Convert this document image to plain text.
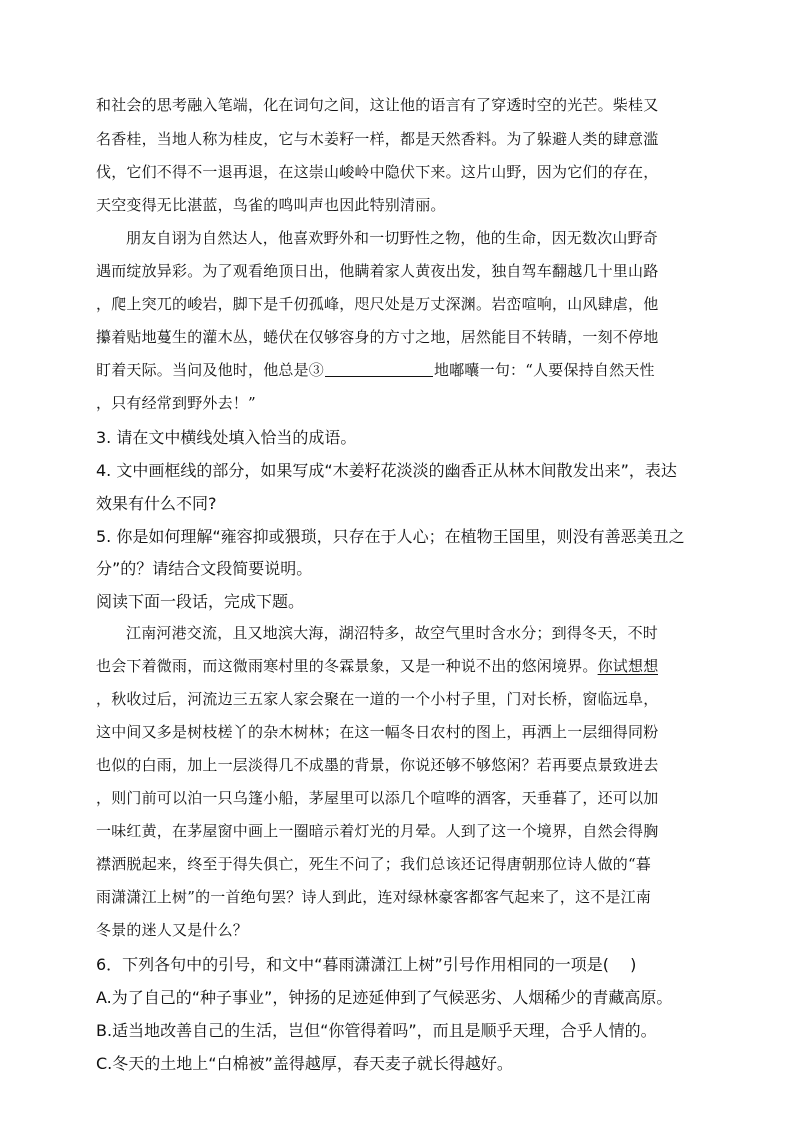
和社会的思考融入笔端，化在词句之间，这让他的语言有了穿透时空的光芒。柴桂又
名香桂，当地人称为桂皮，它与木姜籽一样，都是天然香料。为了躲避人类的肆意滥
伐，它们不得不一退再退，在这崇山峻岭中隐伏下来。这片山野，因为它们的存在，
天空变得无比湛蓝，鸟雀的鸣叫声也因此特别清丽。
朋友自诩为自然达人，他喜欢野外和一切野性之物，他的生命，因无数次山野奇
遇而绽放异彩。为了观看绝顶日出，他瞒着家人黄夜出发，独自驾车翻越几十里山路
，爬上突兀的峻岩，脚下是千仞孤峰，咫尺处是万丈深渊。岩峦喧响，山风肆虐，他
攥着贴地蔓生的灌木丛，蜷伏在仅够容身的方寸之地，居然能目不转睛，一刻不停地
盯着天际。当问及他时，他总是③	地嘟囔一句：“人要保持自然天性
，只有经常到野外去！”
3. 请在文中横线处填入恰当的成语。
4. 文中画框线的部分，如果写成“木姜籽花淡淡的幽香正从林木间散发出来”，表达
效果有什么不同?
5. 你是如何理解“雍容抑或猥琐，只存在于人心；在植物王国里，则没有善恶美丑之
分”的？请结合文段简要说明。
阅读下面一段话，完成下题。
江南河港交流，且又地滨大海，湖沼特多，故空气里时含水分；到得冬天，不时
也会下着微雨，而这微雨寒村里的冬霖景象，又是一种说不出的悠闲境界。你试想想
，秋收过后，河流边三五家人家会聚在一道的一个小村子里，门对长桥，窗临远阜，
这中间又多是树枝槎丫的杂木树林；在这一幅冬日农村的图上，再洒上一层细得同粉
也似的白雨，加上一层淡得几不成墨的背景，你说还够不够悠闲？若再要点景致进去
，则门前可以泊一只乌篷小船，茅屋里可以添几个喧哗的酒客，天垂暮了，还可以加
一味红黄，在茅屋窗中画上一圈暗示着灯光的月晕。人到了这一个境界，自然会得胸
襟洒脱起来，终至于得失俱亡，死生不问了；我们总该还记得唐朝那位诗人做的“暮
雨潇潇江上树”的一首绝句罢？诗人到此，连对绿林豪客都客气起来了，这不是江南
冬景的迷人又是什么？
6．下列各句中的引号，和文中“暮雨潇潇江上树”引号作用相同的一项是(　 )
A.为了自己的“种子事业”，钟扬的足迹延伸到了气候恶劣、人烟稀少的青藏高原。
B.适当地改善自己的生活，岂但“你管得着吗”，而且是顺乎天理，合乎人情的。
C.冬天的土地上“白棉被”盖得越厚，春天麦子就长得越好。
